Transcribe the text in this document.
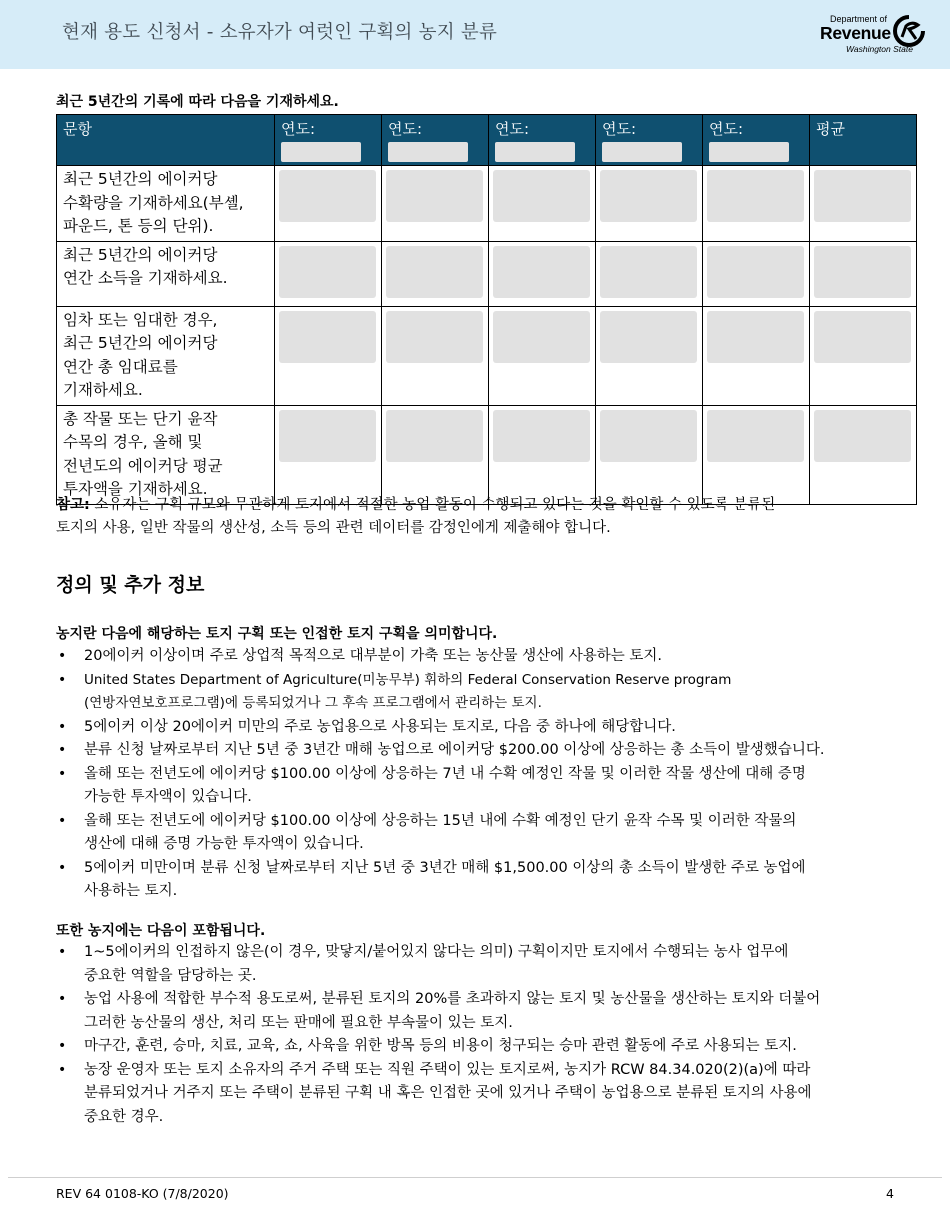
현재 용도 신청서 - 소유자가 여럿인 구획의 농지 분류
Department of
Revenue
Washington State
최근 5년간의 기록에 따라 다음을 기재하세요.
문항	연도:	연도:	연도:	연도:	연도:	평균

최근 5년간의 에이커당
수확량을 기재하세요(부셸,
파운드, 톤 등의 단위).						

최근 5년간의 에이커당
연간 소득을 기재하세요.						

임차 또는 임대한 경우,
최근 5년간의 에이커당
연간 총 임대료를
기재하세요.						

총 작물 또는 단기 윤작
수목의 경우, 올해 및
전년도의 에이커당 평균
투자액을 기재하세요.						

참고: 소유자는 구획 규모와 무관하게 토지에서 적절한 농업 활동이 수행되고 있다는 것을 확인할 수 있도록 분류된
토지의 사용, 일반 작물의 생산성, 소득 등의 관련 데이터를 감정인에게 제출해야 합니다.
정의 및 추가 정보
농지란 다음에 해당하는 토지 구획 또는 인접한 토지 구획을 의미합니다.
• 20에이커 이상이며 주로 상업적 목적으로 대부분이 가축 또는 농산물 생산에 사용하는 토지.
• United States Department of Agriculture(미농무부) 휘하의 Federal Conservation Reserve program
(연방자연보호프로그램)에 등록되었거나 그 후속 프로그램에서 관리하는 토지.
• 5에이커 이상 20에이커 미만의 주로 농업용으로 사용되는 토지로, 다음 중 하나에 해당합니다.
• 분류 신청 날짜로부터 지난 5년 중 3년간 매해 농업으로 에이커당 $200.00 이상에 상응하는 총 소득이 발생했습니다.
• 올해 또는 전년도에 에이커당 $100.00 이상에 상응하는 7년 내 수확 예정인 작물 및 이러한 작물 생산에 대해 증명
가능한 투자액이 있습니다.
• 올해 또는 전년도에 에이커당 $100.00 이상에 상응하는 15년 내에 수확 예정인 단기 윤작 수목 및 이러한 작물의
생산에 대해 증명 가능한 투자액이 있습니다.
• 5에이커 미만이며 분류 신청 날짜로부터 지난 5년 중 3년간 매해 $1,500.00 이상의 총 소득이 발생한 주로 농업에
사용하는 토지.
또한 농지에는 다음이 포함됩니다.
• 1~5에이커의 인접하지 않은(이 경우, 맞닿지/붙어있지 않다는 의미) 구획이지만 토지에서 수행되는 농사 업무에
중요한 역할을 담당하는 곳.
• 농업 사용에 적합한 부수적 용도로써, 분류된 토지의 20%를 초과하지 않는 토지 및 농산물을 생산하는 토지와 더불어
그러한 농산물의 생산, 처리 또는 판매에 필요한 부속물이 있는 토지.
• 마구간, 훈련, 승마, 치료, 교육, 쇼, 사육을 위한 방목 등의 비용이 청구되는 승마 관련 활동에 주로 사용되는 토지.
• 농장 운영자 또는 토지 소유자의 주거 주택 또는 직원 주택이 있는 토지로써, 농지가 RCW 84.34.020(2)(a)에 따라
분류되었거나 거주지 또는 주택이 분류된 구획 내 혹은 인접한 곳에 있거나 주택이 농업용으로 분류된 토지의 사용에
중요한 경우.
REV 64 0108-KO (7/8/2020)	4
